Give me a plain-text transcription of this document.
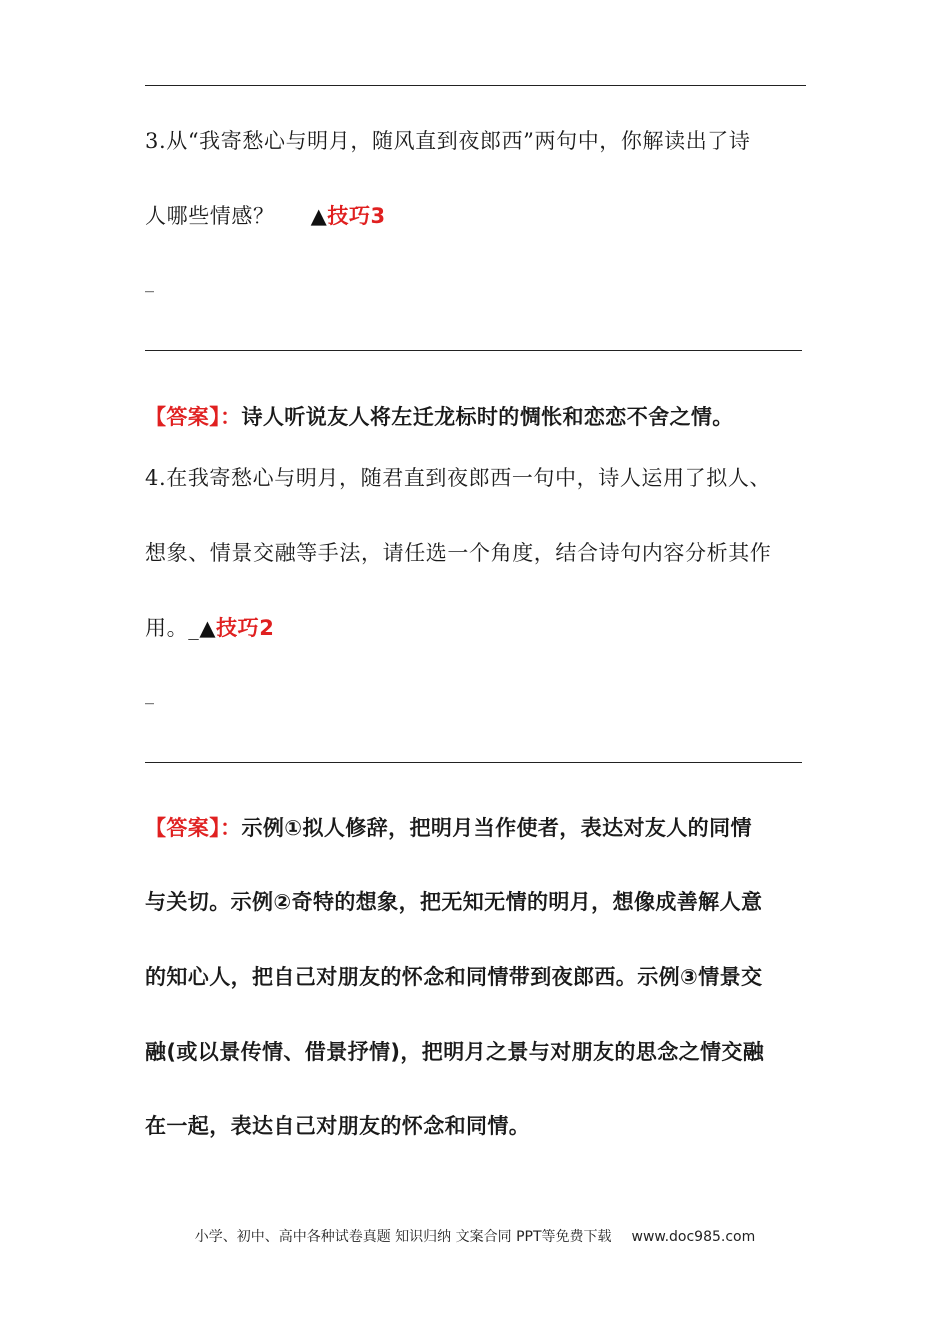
3.从“我寄愁心与明月，随风直到夜郎西”两句中，你解读出了诗
人哪些情感？ ▲技巧3
_
【答案】：诗人听说友人将左迁龙标时的惆怅和恋恋不舍之情。
4.在我寄愁心与明月，随君直到夜郎西一句中，诗人运用了拟人、
想象、情景交融等手法，请任选一个角度，结合诗句内容分析其作
用。_▲技巧2
_
【答案】：示例①拟人修辞，把明月当作使者，表达对友人的同情
与关切。示例②奇特的想象，把无知无情的明月，想像成善解人意
的知心人，把自己对朋友的怀念和同情带到夜郎西。示例③情景交
融(或以景传情、借景抒情)，把明月之景与对朋友的思念之情交融
在一起，表达自己对朋友的怀念和同情。
小学、初中、高中各种试卷真题 知识归纳 文案合同 PPT等免费下载 www.doc985.com
